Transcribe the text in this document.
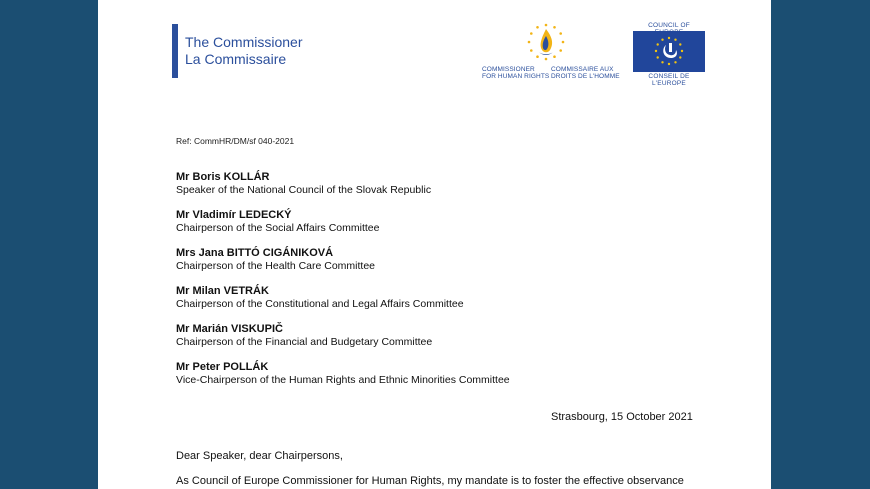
The Commissioner
La Commissaire
COMMISSIONER
FOR HUMAN RIGHTS
COMMISSAIRE AUX
DROITS DE L'HOMME
COUNCIL OF
CONSEIL DE L'EUROPE
Ref: CommHR/DM/sf 040-2021
Mr Boris KOLLÁR
Speaker of the National Council of the Slovak Republic
Mr Vladimír LEDECKÝ
Chairperson of the Social Affairs Committee
Mrs Jana BITTÓ CIGÁNIKOVÁ
Chairperson of the Health Care Committee
Mr Milan VETRÁK
Chairperson of the Constitutional and Legal Affairs Committee
Mr Marián VISKUPIČ
Chairperson of the Financial and Budgetary Committee
Mr Peter POLLÁK
Vice-Chairperson of the Human Rights and Ethnic Minorities Committee
Strasbourg, 15 October 2021
Dear Speaker, dear Chairpersons,
As Council of Europe Commissioner for Human Rights, my mandate is to foster the effective observance
